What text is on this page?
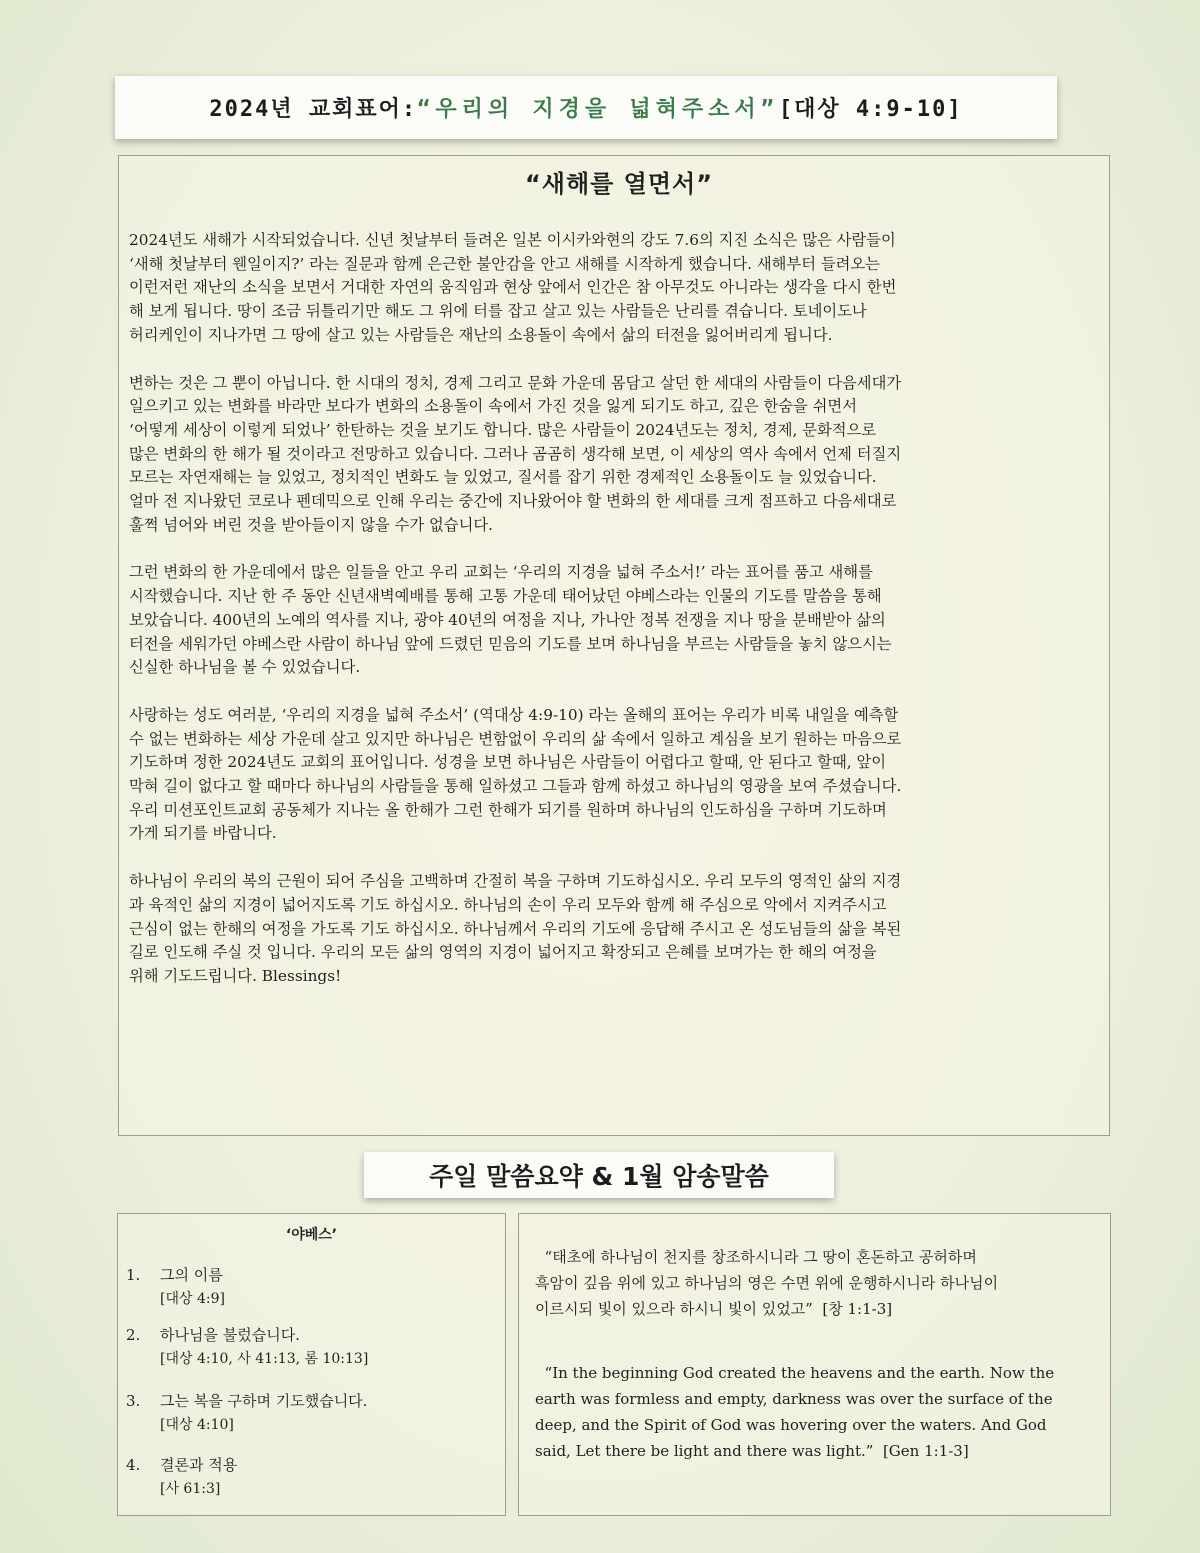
2024년 교회표어: “우리의 지경을 넓혀주소서” [대상 4:9-10]
“새해를 열면서”
2024년도 새해가 시작되었습니다. 신년 첫날부터 들려온 일본 이시카와현의 강도 7.6의 지진 소식은 많은 사람들이
‘새해 첫날부터 웬일이지?’ 라는 질문과 함께 은근한 불안감을 안고 새해를 시작하게 했습니다. 새해부터 들려오는
이런저런 재난의 소식을 보면서 거대한 자연의 움직임과 현상 앞에서 인간은 참 아무것도 아니라는 생각을 다시 한번
해 보게 됩니다. 땅이 조금 뒤틀리기만 해도 그 위에 터를 잡고 살고 있는 사람들은 난리를 겪습니다. 토네이도나
허리케인이 지나가면 그 땅에 살고 있는 사람들은 재난의 소용돌이 속에서 삶의 터전을 잃어버리게 됩니다.
변하는 것은 그 뿐이 아닙니다. 한 시대의 정치, 경제 그리고 문화 가운데 몸담고 살던 한 세대의 사람들이 다음세대가
일으키고 있는 변화를 바라만 보다가 변화의 소용돌이 속에서 가진 것을 잃게 되기도 하고, 깊은 한숨을 쉬면서
‘어떻게 세상이 이렇게 되었나’ 한탄하는 것을 보기도 합니다. 많은 사람들이 2024년도는 정치, 경제, 문화적으로
많은 변화의 한 해가 될 것이라고 전망하고 있습니다. 그러나 곰곰히 생각해 보면, 이 세상의 역사 속에서 언제 터질지
모르는 자연재해는 늘 있었고, 정치적인 변화도 늘 있었고, 질서를 잡기 위한 경제적인 소용돌이도 늘 있었습니다.
얼마 전 지나왔던 코로나 펜데믹으로 인해 우리는 중간에 지나왔어야 할 변화의 한 세대를 크게 점프하고 다음세대로
훌쩍 넘어와 버린 것을 받아들이지 않을 수가 없습니다.
그런 변화의 한 가운데에서 많은 일들을 안고 우리 교회는 ‘우리의 지경을 넓혀 주소서!’ 라는 표어를 품고 새해를
시작했습니다. 지난 한 주 동안 신년새벽예배를 통해 고통 가운데 태어났던 야베스라는 인물의 기도를 말씀을 통해
보았습니다. 400년의 노예의 역사를 지나, 광야 40년의 여정을 지나, 가나안 정복 전쟁을 지나 땅을 분배받아 삶의
터전을 세워가던 야베스란 사람이 하나님 앞에 드렸던 믿음의 기도를 보며 하나님을 부르는 사람들을 놓치 않으시는
신실한 하나님을 볼 수 있었습니다.
사랑하는 성도 여러분, ‘우리의 지경을 넓혀 주소서’ (역대상 4:9-10) 라는 올해의 표어는 우리가 비록 내일을 예측할
수 없는 변화하는 세상 가운데 살고 있지만 하나님은 변함없이 우리의 삶 속에서 일하고 계심을 보기 원하는 마음으로
기도하며 정한 2024년도 교회의 표어입니다. 성경을 보면 하나님은 사람들이 어렵다고 할때, 안 된다고 할때, 앞이
막혀 길이 없다고 할 때마다 하나님의 사람들을 통해 일하셨고 그들과 함께 하셨고 하나님의 영광을 보여 주셨습니다.
우리 미션포인트교회 공동체가 지나는 올 한해가 그런 한해가 되기를 원하며 하나님의 인도하심을 구하며 기도하며
가게 되기를 바랍니다.
하나님이 우리의 복의 근원이 되어 주심을 고백하며 간절히 복을 구하며 기도하십시오. 우리 모두의 영적인 삶의 지경
과 육적인 삶의 지경이 넓어지도록 기도 하십시오. 하나님의 손이 우리 모두와 함께 해 주심으로 악에서 지켜주시고
근심이 없는 한해의 여정을 가도록 기도 하십시오. 하나님께서 우리의 기도에 응답해 주시고 온 성도님들의 삶을 복된
길로 인도해 주실 것 입니다. 우리의 모든 삶의 영역의 지경이 넓어지고 확장되고 은혜를 보며가는 한 해의 여정을
위해 기도드립니다. Blessings!
주일 말씀요약 & 1월 암송말씀
‘야베스’
1. 그의 이름
[대상 4:9]
2. 하나님을 불렀습니다.
[대상 4:10, 사 41:13, 롬 10:13]
3. 그는 복을 구하며 기도했습니다.
[대상 4:10]
4. 결론과 적용
[사 61:3]
“태초에 하나님이 천지를 창조하시니라 그 땅이 혼돈하고 공허하며
흑암이 깊음 위에 있고 하나님의 영은 수면 위에 운행하시니라 하나님이
이르시되 빛이 있으라 하시니 빛이 있었고”  [창 1:1-3]
“In the beginning God created the heavens and the earth. Now the
earth was formless and empty, darkness was over the surface of the
deep, and the Spirit of God was hovering over the waters. And God
said, Let there be light and there was light.”  [Gen 1:1-3]
